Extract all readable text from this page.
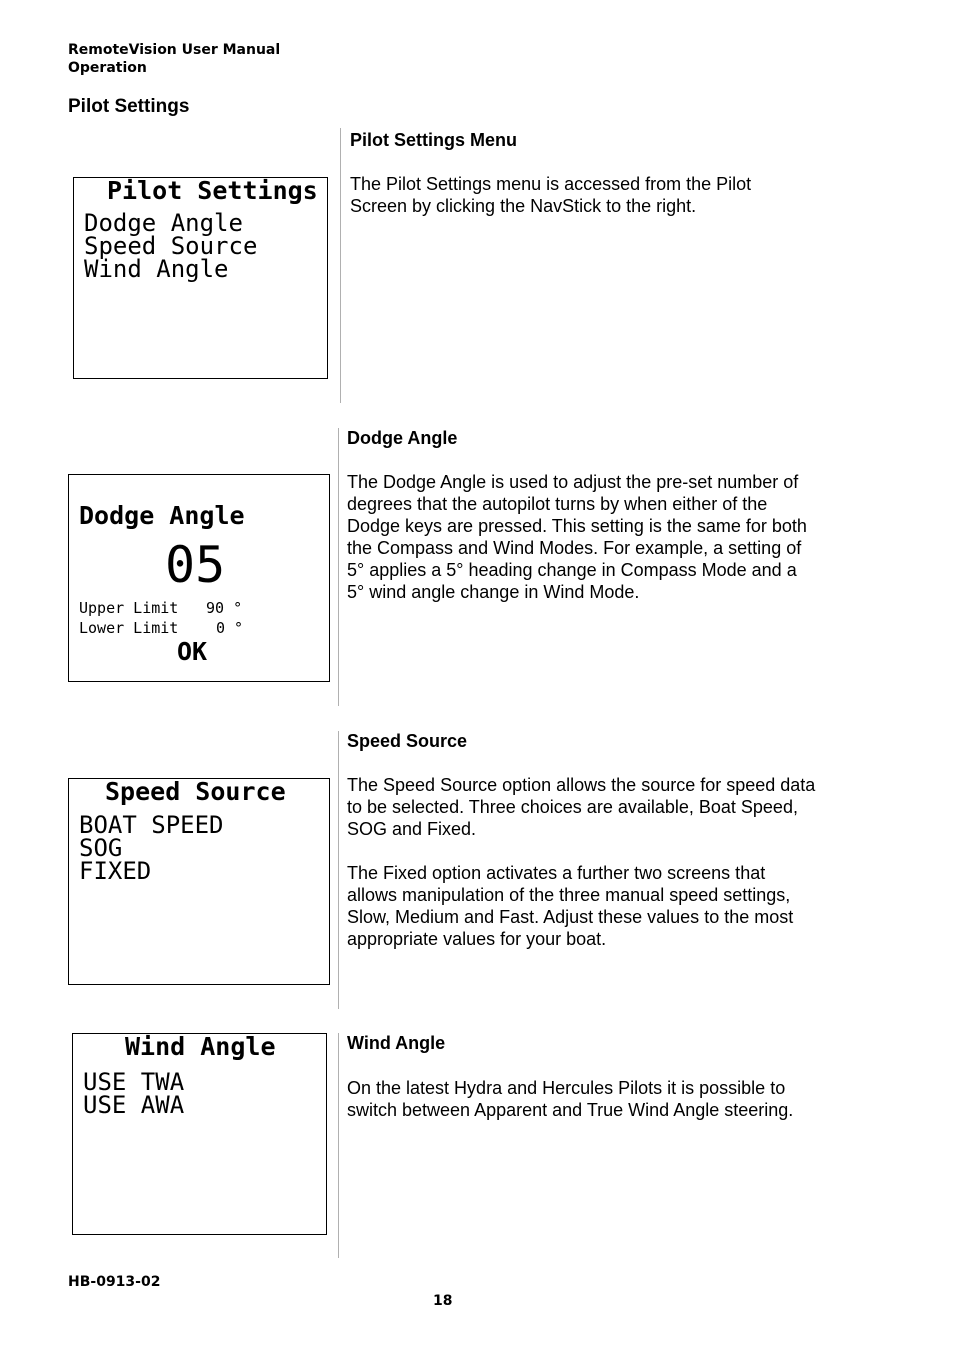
RemoteVision User Manual
Operation
Pilot Settings
Pilot Settings
Dodge Angle
Speed Source
Wind Angle
Pilot Settings Menu

The Pilot Settings menu is accessed from the Pilot Screen by clicking the NavStick to the right.

Dodge Angle
05
Upper Limit 90 °
Lower Limit	0 °
OK
Dodge Angle

The Dodge Angle is used to adjust the pre-set number of degrees that the autopilot turns by when either of the Dodge keys are pressed. This setting is the same for both the Compass and Wind Modes. For example, a setting of 5° applies a 5° heading change in Compass Mode and a 5° wind angle change in Wind Mode.

Speed Source
BOAT SPEED
SOG
FIXED
Speed Source

The Speed Source option allows the source for speed data to be selected. Three choices are available, Boat Speed, SOG and Fixed.

The Fixed option activates a further two screens that allows manipulation of the three manual speed settings, Slow, Medium and Fast. Adjust these values to the most appropriate values for your boat.

Wind Angle
USE TWA
USE AWA
Wind Angle

On the latest Hydra and Hercules Pilots it is possible to switch between Apparent and True Wind Angle steering.

HB-0913-02
18
